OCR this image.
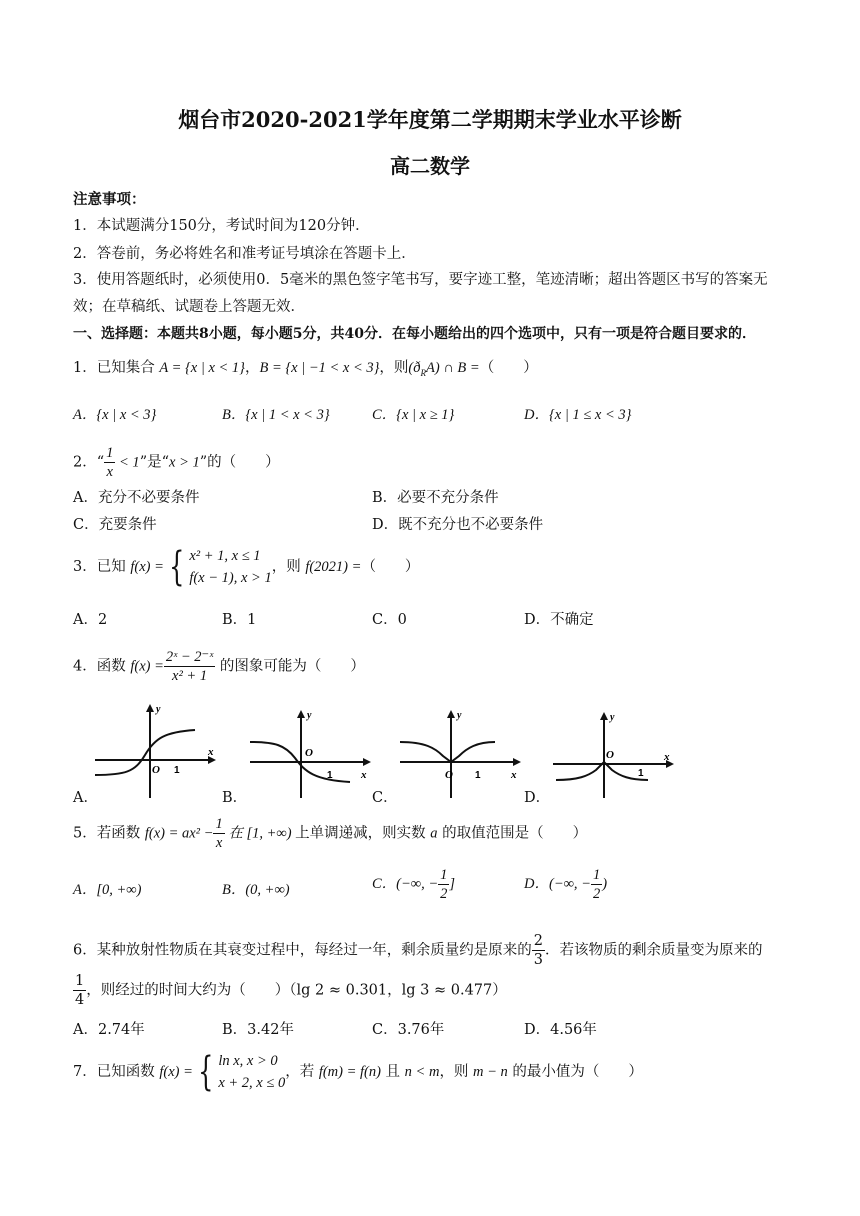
烟台市2020-2021学年度第二学期期末学业水平诊断
高二数学
注意事项：
1．本试题满分150分，考试时间为120分钟．
2．答卷前，务必将姓名和准考证号填涂在答题卡上．
3．使用答题纸时，必须使用0．5毫米的黑色签字笔书写，要字迹工整，笔迹清晰；超出答题区书写的答案无
效；在草稿纸、试题卷上答题无效．
一、选择题：本题共8小题，每小题5分，共40分．在每小题给出的四个选项中，只有一项是符合题目要求的．
1．已知集合 A = {x | x < 1}，B = {x | −1 < x < 3}，则$(ð_RA)$ ∩ B =（　　）
A．{x | x < 3}	B．{x | 1 < x < 3}	C．{x | x ≥ 1}	D．{x | 1 ≤ x < 3}
2．“ $\frac{1}{x} < 1$”是“x > 1”的（　　）
A．充分不必要条件	B．必要不充分条件
C．充要条件	D．既不充分也不必要条件
3．已知 f(x) = { x² + 1, x ≤ 1
f(x − 1), x > 1
，则 f(2021) =（　　）
A．2	B．1	C．0	D．不确定
4．函数 $f(x) = \frac{\text{2ˣ − 2⁻ˣ}}{\text{x² + 1}}$ 的图象可能为（　　）
y
x
O 1
y
x
O
1
y
x
O 1
y
x
O
1
A．	B．	C．	D．
5．若函数 $f(x) = ax^2 - \frac{1}{x}$ 在 [1, +∞) 上单调递减，则实数 a 的取值范围是（　　）
A．[0, +∞)	B．(0, +∞)	C．(−∞, − $\frac{1}{2}$ ]	D．(−∞, − $\frac{1}{2}$ )
6．某种放射性物质在其衰变过程中，每经过一年，剩余质量约是原来的 $\frac{2}{3}$ ．若该物质的剩余质量变为原来的
$\frac{1}{4}$ ，则经过的时间大约为（　　）（lg 2 ≈ 0.301，lg 3 ≈ 0.477）
A．2.74年	B．3.42年	C．3.76年	D．4.56年
7．已知函数 f(x) = { ln x, x > 0
x + 2, x ≤ 0
，若 f(m) = f(n) 且 n < m，则 m − n 的最小值为（　　）
